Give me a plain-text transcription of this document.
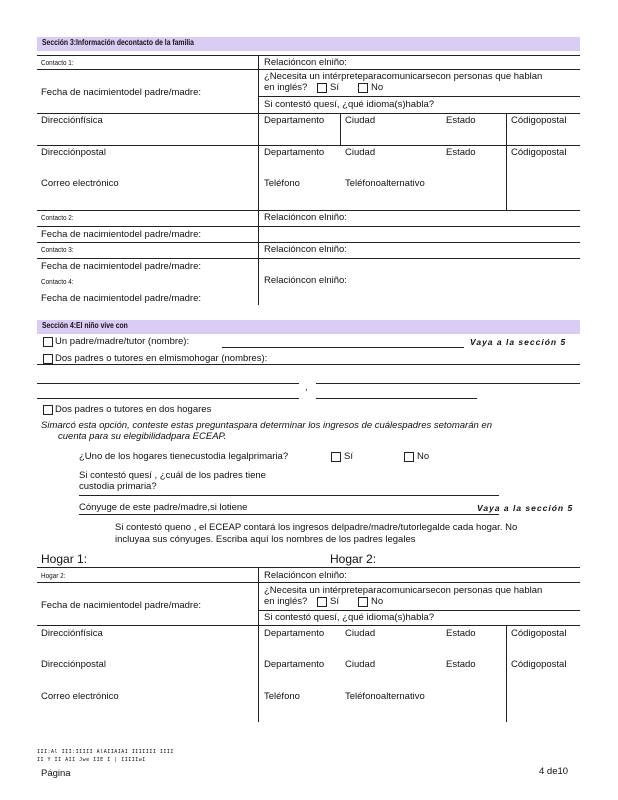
Sección 3:Información decontacto de la familia
Contacto 1:	Relacióncon elniño:
¿Necesita un intérpreteparacomunicarsecon personas que hablan
en inglés? Sí	No
Fecha de nacimientodel padre/madre:
Si contestó quesí, ¿qué idioma(s)habla?
Direcciónfísica	Departamento Ciudad	Estado	Códigopostal
Direcciónpostal	Departamento Ciudad	Estado	Códigopostal
Correo electrónico	Teléfono	Teléfonoalternativo
Contacto 2:	Relacióncon elniño:
Fecha de nacimientodel padre/madre:
Contacto 3:	Relacióncon elniño:
Fecha de nacimientodel padre/madre:
Contacto 4:	Relacióncon elniño:
Fecha de nacimientodel padre/madre:
Sección 4:El niño vive con
Un padre/madre/tutor (nombre):	Vaya a la sección 5
Dos padres o tutores en elmismohogar (nombres):
,
Dos padres o tutores en dos hogares
Simarcó esta opción, conteste estas preguntaspara determinar los ingresos de cuálespadres setomarán en
cuenta para su elegibilidadpara ECEAP.
¿Uno de los hogares tienecustodia legalprimaria?	Sí	No
Si contestó quesí , ¿cuál de los padres tiene
custodia primaria?
Cónyuge de este padre/madre,si lotiene	Vaya a la sección 5
Si contestó queno , el ECEAP contará los ingresos delpadre/madre/tutorlegalde cada hogar. No
incluyaa sus cónyuges. Escriba aquí los nombres de los padres legales
Hogar 1:	Hogar 2:
Hogar 2:	Relacióncon elniño:
¿Necesita un intérpreteparacomunicarsecon personas que hablan
en inglés? Sí	No
Fecha de nacimientodel padre/madre:
Si contestó quesí, ¿qué idioma(s)habla?
Direcciónfísica	Departamento Ciudad	Estado	Códigopostal
Direcciónpostal	Departamento Ciudad	Estado	Códigopostal
Correo electrónico	Teléfono	Teléfonoalternativo
III:Al III:IIIII AlAIIAIAI IIIIIII IIII
II Y II AII Jwe IIE I | IIIIIwI
Página	4 de10
